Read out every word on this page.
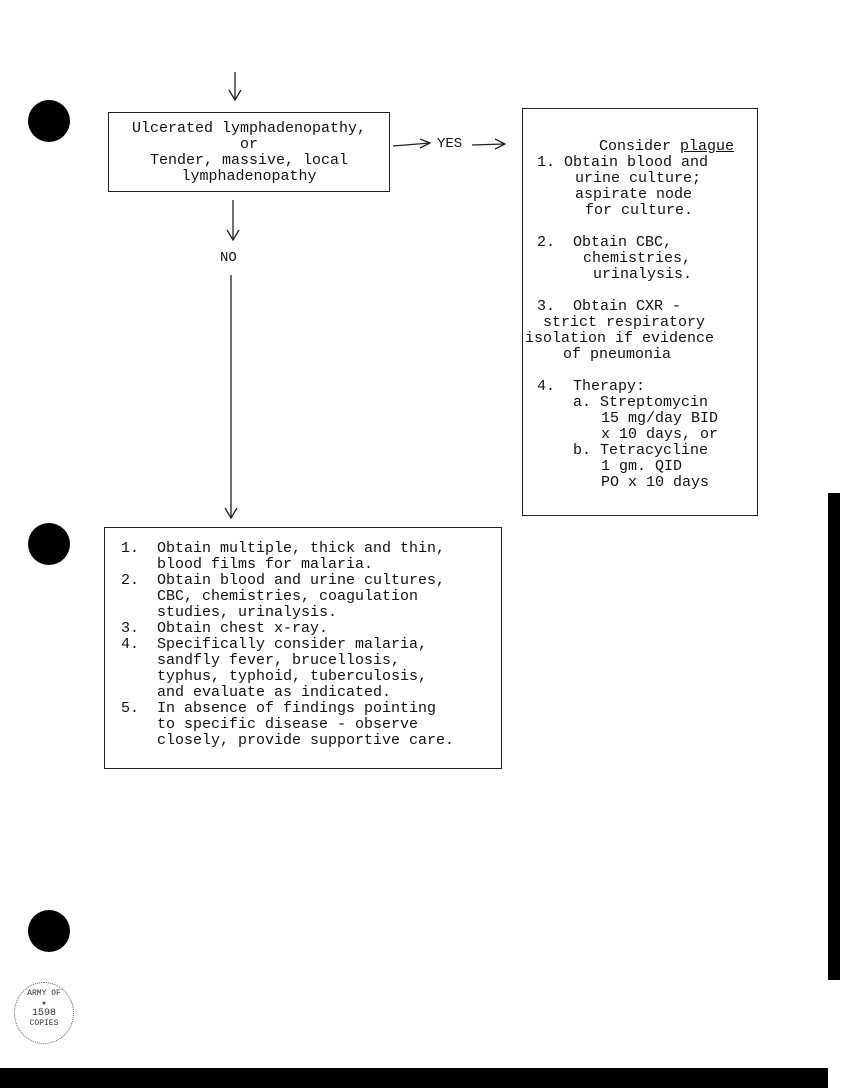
Ulcerated lymphadenopathy,
or
Tender, massive, local
lymphadenopathy
YES
NO

Consider plague

1. Obtain blood and
urine culture;
aspirate node
for culture.
2.  Obtain CBC,
chemistries,
urinalysis.
3.  Obtain CXR -
strict respiratory
isolation if evidence
of pneumonia
4.  Therapy:
a. Streptomycin
15 mg/day BID
x 10 days, or
b. Tetracycline
1 gm. QID
PO x 10 days
1.  Obtain multiple, thick and thin,
blood films for malaria.
2.  Obtain blood and urine cultures,
CBC, chemistries, coagulation
studies, urinalysis.
3.  Obtain chest x-ray.
4.  Specifically consider malaria,
sandfly fever, brucellosis,
typhus, typhoid, tuberculosis,
and evaluate as indicated.
5.  In absence of findings pointing
to specific disease - observe
closely, provide supportive care.
ARMY OF
★
1598
COPIES
